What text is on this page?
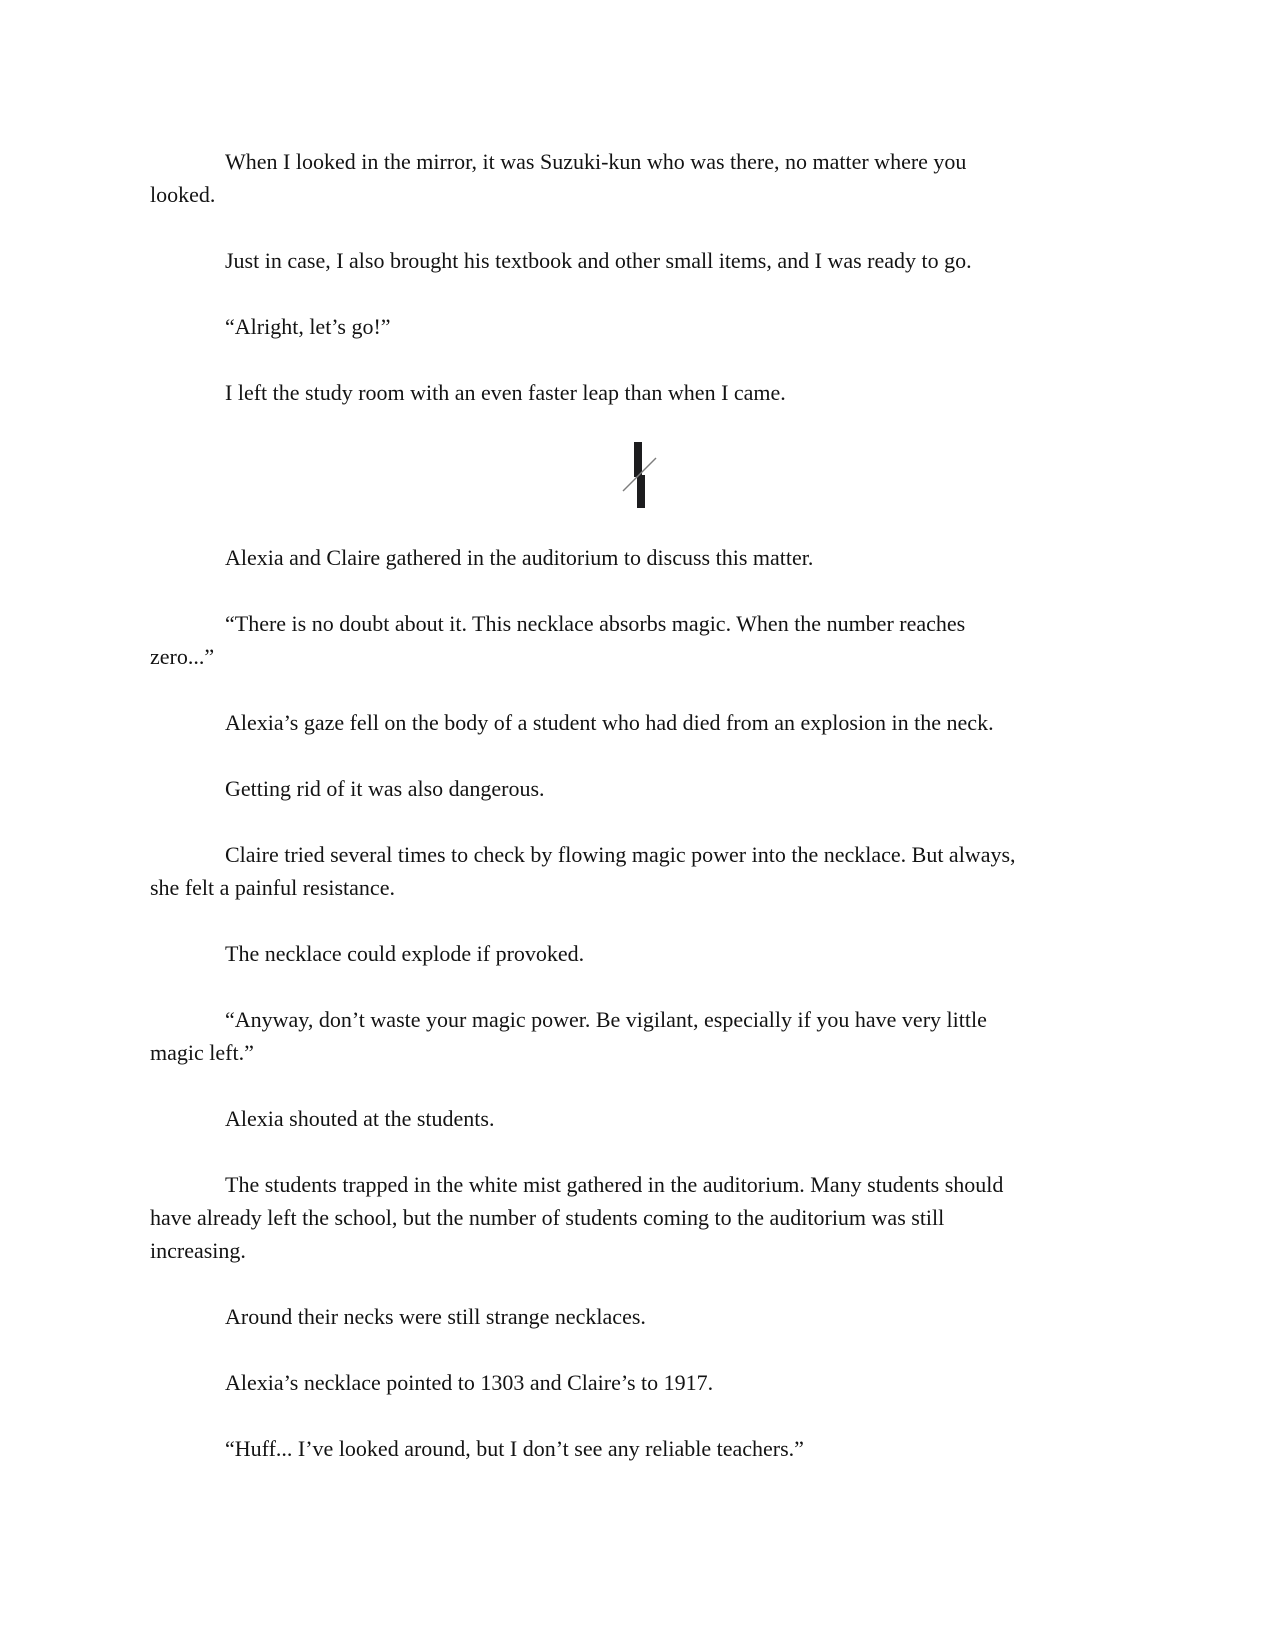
When I looked in the mirror, it was Suzuki-kun who was there, no matter where you
looked.

Just in case, I also brought his textbook and other small items, and I was ready to go.

“Alright, let’s go!”

I left the study room with an even faster leap than when I came.

Alexia and Claire gathered in the auditorium to discuss this matter.

“There is no doubt about it. This necklace absorbs magic. When the number reaches
zero...”

Alexia’s gaze fell on the body of a student who had died from an explosion in the neck.

Getting rid of it was also dangerous.

Claire tried several times to check by flowing magic power into the necklace. But always,
she felt a painful resistance.

The necklace could explode if provoked.

“Anyway, don’t waste your magic power. Be vigilant, especially if you have very little
magic left.”

Alexia shouted at the students.

The students trapped in the white mist gathered in the auditorium. Many students should
have already left the school, but the number of students coming to the auditorium was still
increasing.

Around their necks were still strange necklaces.

Alexia’s necklace pointed to 1303 and Claire’s to 1917.

“Huff... I’ve looked around, but I don’t see any reliable teachers.”
